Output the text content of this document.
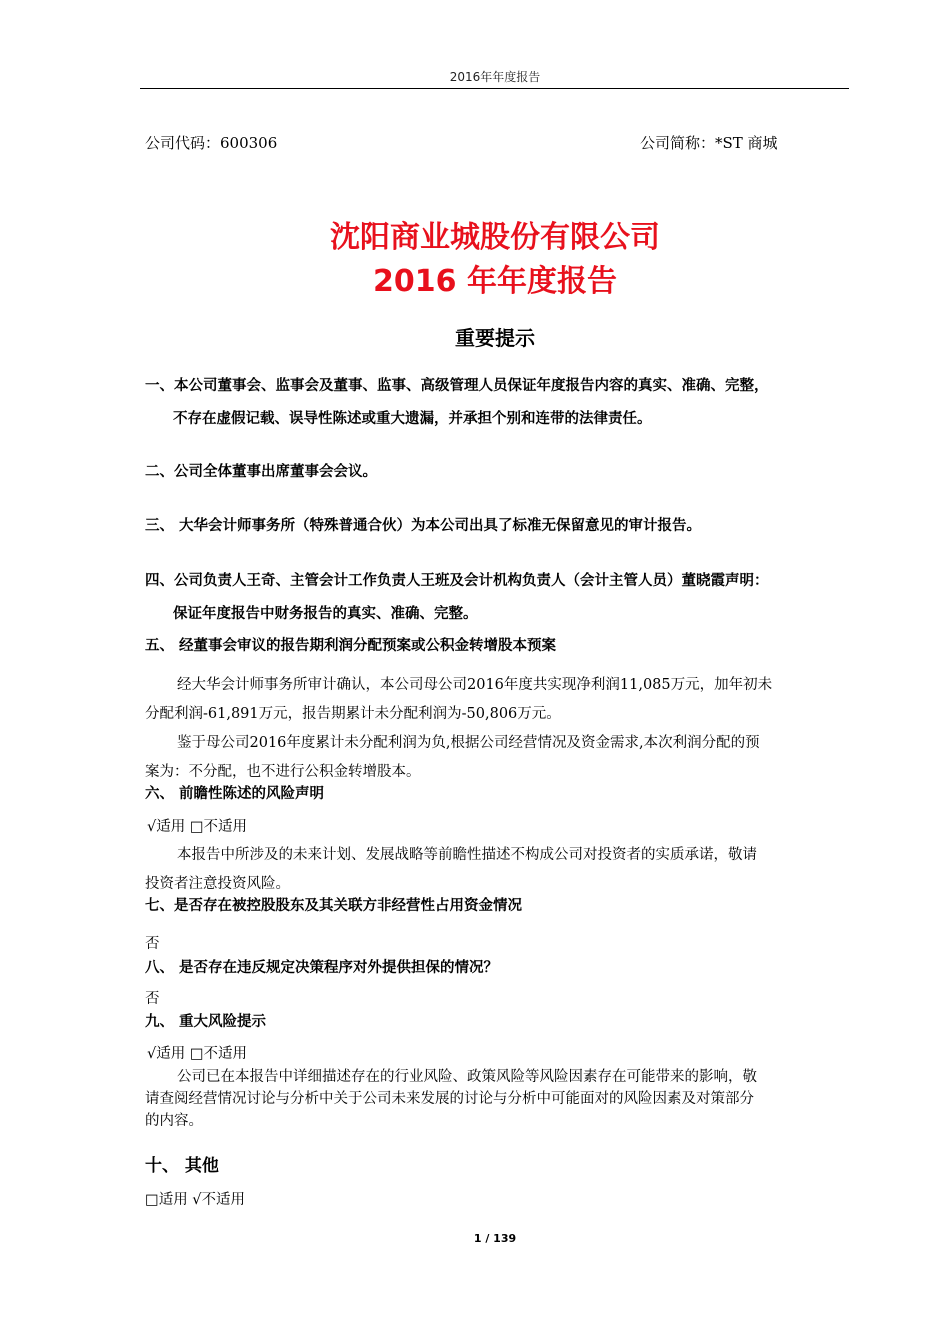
2016年年度报告
公司代码：600306	公司简称：*ST 商城
沈阳商业城股份有限公司
2016 年年度报告
重要提示
一、本公司董事会、监事会及董事、监事、高级管理人员保证年度报告内容的真实、准确、完整，
不存在虚假记载、误导性陈述或重大遗漏，并承担个别和连带的法律责任。
二、公司全体董事出席董事会会议。
三、 大华会计师事务所（特殊普通合伙）为本公司出具了标准无保留意见的审计报告。
四、公司负责人王奇、主管会计工作负责人王班及会计机构负责人（会计主管人员）董晓霞声明：
保证年度报告中财务报告的真实、准确、完整。
五、 经董事会审议的报告期利润分配预案或公积金转增股本预案
经大华会计师事务所审计确认，本公司母公司2016年度共实现净利润11,085万元，加年初未
分配利润-61,891万元，报告期累计未分配利润为-50,806万元。
鉴于母公司2016年度累计未分配利润为负,根据公司经营情况及资金需求,本次利润分配的预
案为：不分配，也不进行公积金转增股本。
六、 前瞻性陈述的风险声明
√适用 □不适用
本报告中所涉及的未来计划、发展战略等前瞻性描述不构成公司对投资者的实质承诺，敬请
投资者注意投资风险。
七、是否存在被控股股东及其关联方非经营性占用资金情况
否
八、 是否存在违反规定决策程序对外提供担保的情况？
否
九、 重大风险提示
√适用 □不适用
公司已在本报告中详细描述存在的行业风险、政策风险等风险因素存在可能带来的影响，敬
请查阅经营情况讨论与分析中关于公司未来发展的讨论与分析中可能面对的风险因素及对策部分
的内容。
十、 其他
□适用 √不适用
1 / 139
